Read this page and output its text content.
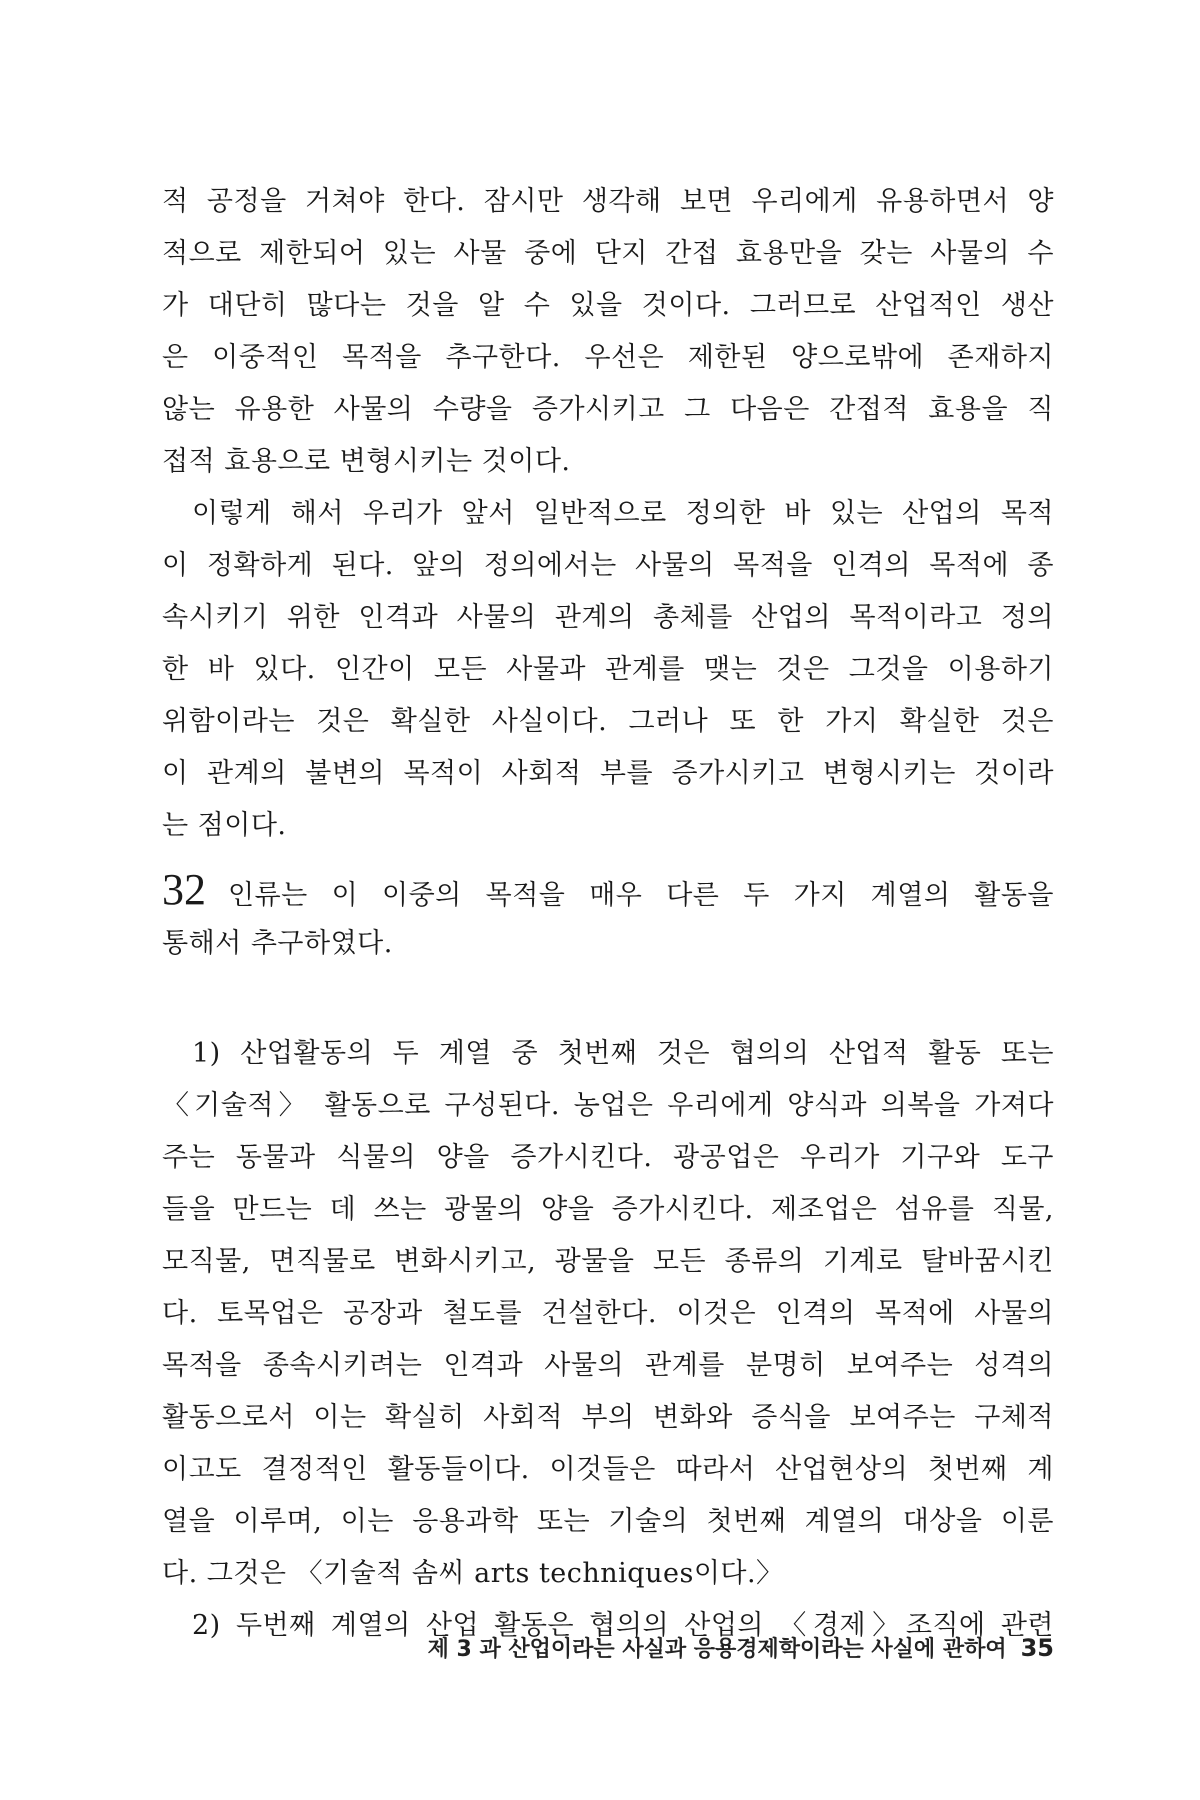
적 공정을 거쳐야 한다. 잠시만 생각해 보면 우리에게 유용하면서 양
적으로 제한되어 있는 사물 중에 단지 간접 효용만을 갖는 사물의 수
가 대단히 많다는 것을 알 수 있을 것이다. 그러므로 산업적인 생산
은 이중적인 목적을 추구한다. 우선은 제한된 양으로밖에 존재하지
않는 유용한 사물의 수량을 증가시키고 그 다음은 간접적 효용을 직
접적 효용으로 변형시키는 것이다.
이렇게 해서 우리가 앞서 일반적으로 정의한 바 있는 산업의 목적
이 정확하게 된다. 앞의 정의에서는 사물의 목적을 인격의 목적에 종
속시키기 위한 인격과 사물의 관계의 총체를 산업의 목적이라고 정의
한 바 있다. 인간이 모든 사물과 관계를 맺는 것은 그것을 이용하기
위함이라는 것은 확실한 사실이다. 그러나 또 한 가지 확실한 것은
이 관계의 불변의 목적이 사회적 부를 증가시키고 변형시키는 것이라
는 점이다.
32 인류는 이 이중의 목적을 매우 다른 두 가지 계열의 활동을
통해서 추구하였다.
1) 산업활동의 두 계열 중 첫번째 것은 협의의 산업적 활동 또는
〈기술적〉 활동으로 구성된다. 농업은 우리에게 양식과 의복을 가져다
주는 동물과 식물의 양을 증가시킨다. 광공업은 우리가 기구와 도구
들을 만드는 데 쓰는 광물의 양을 증가시킨다. 제조업은 섬유를 직물,
모직물, 면직물로 변화시키고, 광물을 모든 종류의 기계로 탈바꿈시킨
다. 토목업은 공장과 철도를 건설한다. 이것은 인격의 목적에 사물의
목적을 종속시키려는 인격과 사물의 관계를 분명히 보여주는 성격의
활동으로서 이는 확실히 사회적 부의 변화와 증식을 보여주는 구체적
이고도 결정적인 활동들이다. 이것들은 따라서 산업현상의 첫번째 계
열을 이루며, 이는 응용과학 또는 기술의 첫번째 계열의 대상을 이룬
다. 그것은 〈기술적 솜씨 arts techniques이다.〉
2) 두번째 계열의 산업 활동은 협의의 산업의 〈경제〉조직에 관련
제 3 과 산업이라는 사실과 응용경제학이라는 사실에 관하여 35
